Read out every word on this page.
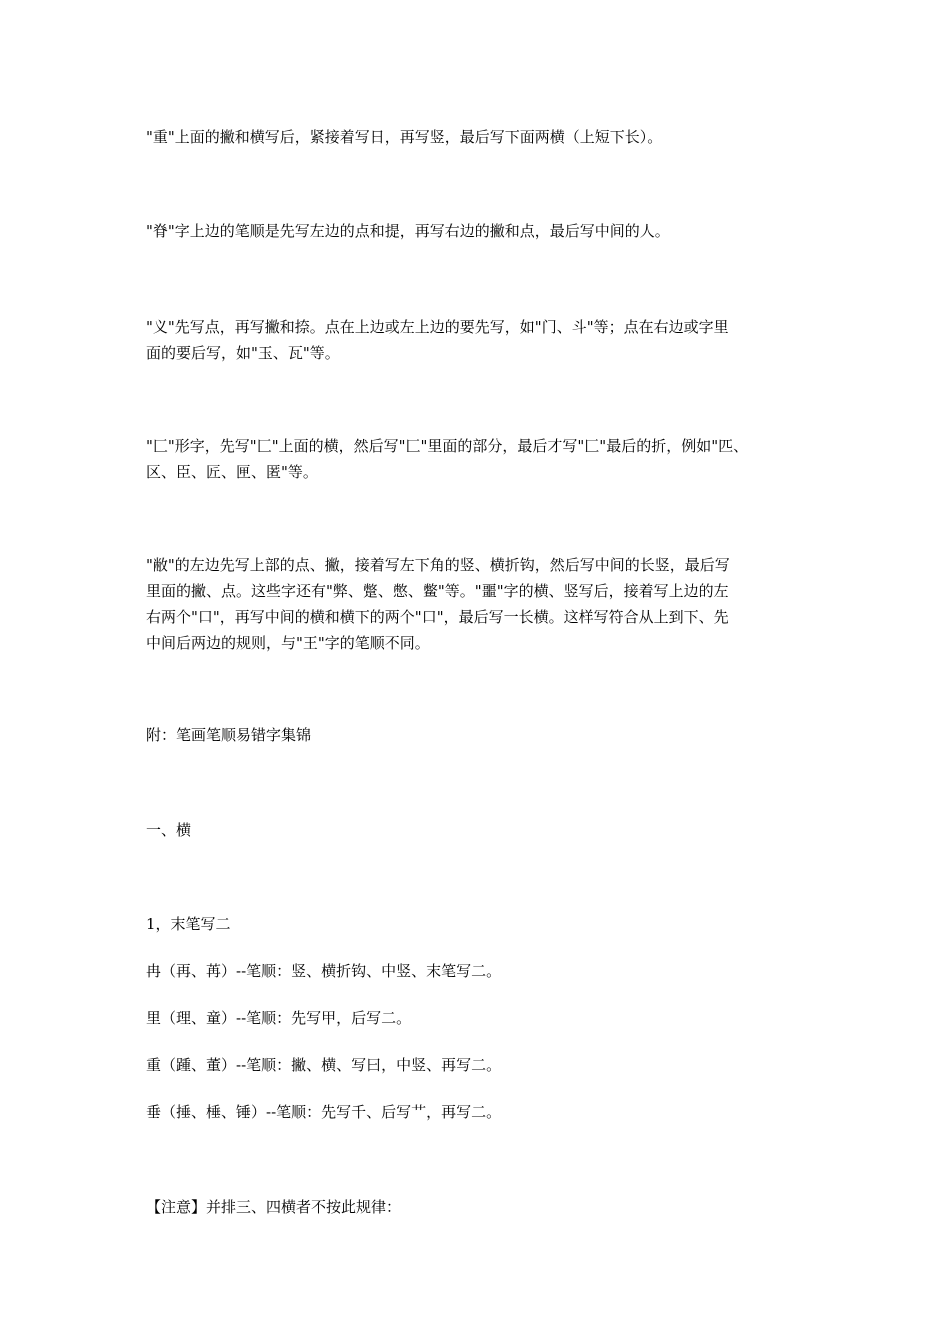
"重"上面的撇和横写后，紧接着写日，再写竖，最后写下面两横（上短下长）。

"脊"字上边的笔顺是先写左边的点和提，再写右边的撇和点，最后写中间的人。

"义"先写点，再写撇和捺。点在上边或左上边的要先写，如"门、斗"等；点在右边或字里
面的要后写，如"玉、瓦"等。

"匚"形字，先写"匚"上面的横，然后写"匚"里面的部分，最后才写"匚"最后的折，例如"匹、
区、臣、匠、匣、匿"等。

"敝"的左边先写上部的点、撇，接着写左下角的竖、横折钩，然后写中间的长竖，最后写
里面的撇、点。这些字还有"弊、蹩、憋、鳖"等。"噩"字的横、竖写后，接着写上边的左
右两个"口"，再写中间的横和横下的两个"口"，最后写一长横。这样写符合从上到下、先
中间后两边的规则，与"王"字的笔顺不同。

附：笔画笔顺易错字集锦

一、横

1，末笔写二

冉（再、苒）--笔顺：竖、横折钩、中竖、末笔写二。

里（理、童）--笔顺：先写甲，后写二。

重（踵、董）--笔顺：撇、横、写曰，中竖、再写二。

垂（捶、棰、锤）--笔顺：先写千、后写艹，再写二。

【注意】并排三、四横者不按此规律：
